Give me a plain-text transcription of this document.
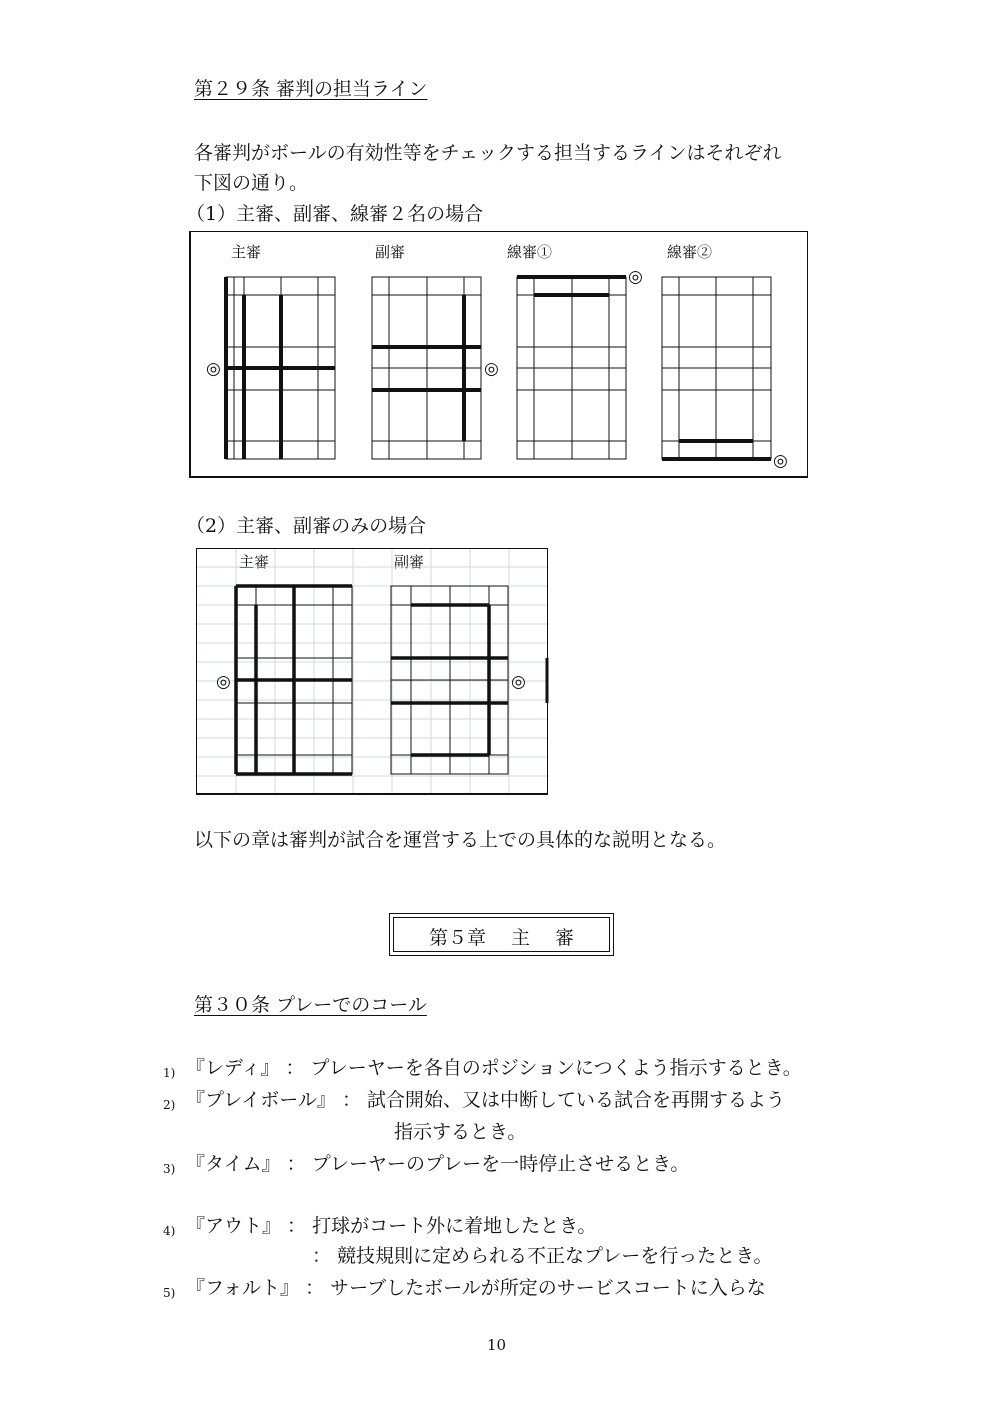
第２９条 審判の担当ライン
各審判がボールの有効性等をチェックする担当するラインはそれぞれ
下図の通り。
（1）主審、副審、線審２名の場合
主審	副審	線審①	線審②
◎	◎
◎
◎
（2）主審、副審のみの場合
主審	副審
◎	◎
以下の章は審判が試合を運営する上での具体的な説明となる。
第５章　 主　 審
第３０条 プレーでのコール
1) 『レディ』 ： プレーヤーを各自のポジションにつくよう指示するとき。
2) 『プレイボール』 ： 試合開始、又は中断している試合を再開するよう
指示するとき。
3) 『タイム』 ： プレーヤーのプレーを一時停止させるとき。
4) 『アウト』 ： 打球がコート外に着地したとき。
： 競技規則に定められる不正なプレーを行ったとき。
5) 『フォルト』 ： サーブしたボールが所定のサービスコートに入らな
10
